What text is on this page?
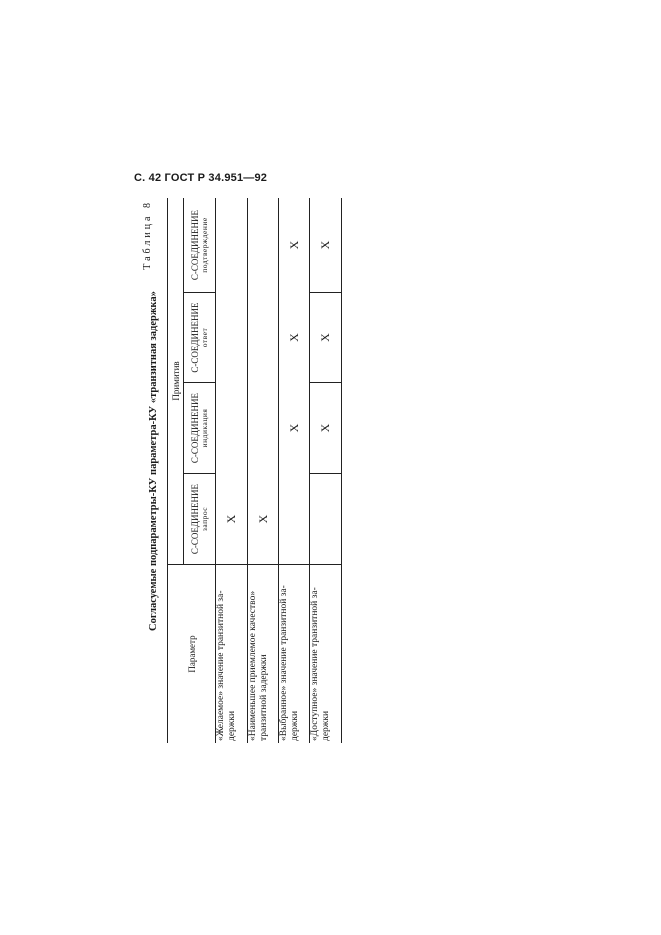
С. 42 ГОСТ Р 34.951—92
Согласуемые подпараметры-КУ параметра-КУ «транзитная задержка»
Таблица 8
Параметр
Примитив
С-СОЕДИНЕНИЕ запрос
С-СОЕДИНЕНИЕ индикация
С-СОЕДИНЕНИЕ ответ
С-СОЕДИНЕНИЕ подтверждение
«Желаемое» значение транзитной за- держки
X
«Наименьшее приемлемое качество» транзитной задержки
X
«Выбранное» значение транзитной за- держки
X
X
X
«Доступное» значение транзитной за- держки
X
X
X
